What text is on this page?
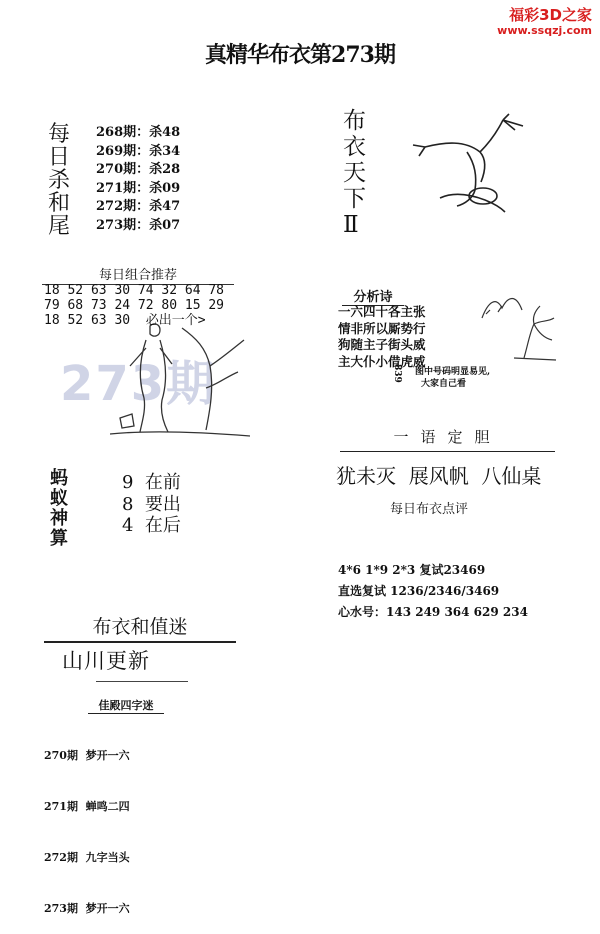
福彩3D之家
www.ssqzj.com
真精华布衣第273期
每
日
杀
和
尾
268期：杀48
269期：杀34
270期：杀28
271期：杀09
272期：杀47
273期：杀07
布
衣
天
下
Ⅱ
每日组合推荐
273期
18 52 63 30 74 32 64 78
79 68 73 24 72 80 15 29
18 52 63 30  必出一个>
分析诗
一六四十各主张
情非所以厮势行
狗随主子街头威
主大仆小借虎威
839 图中号码明显易见,
大家自己看
一语定胆
犹未灭  展风帆  八仙桌
每日布衣点评
4*6 1*9 2*3 复试23469
直选复试 1236/2346/3469
心水号：143 249 364 629 234
蚂
蚁
神
算
9  在前
8  要出
4  在后
布衣和值迷
山川更新
佳殿四字迷

270期  梦开一六

271期  蝉鸣二四

272期  九字当头

273期  梦开一六
